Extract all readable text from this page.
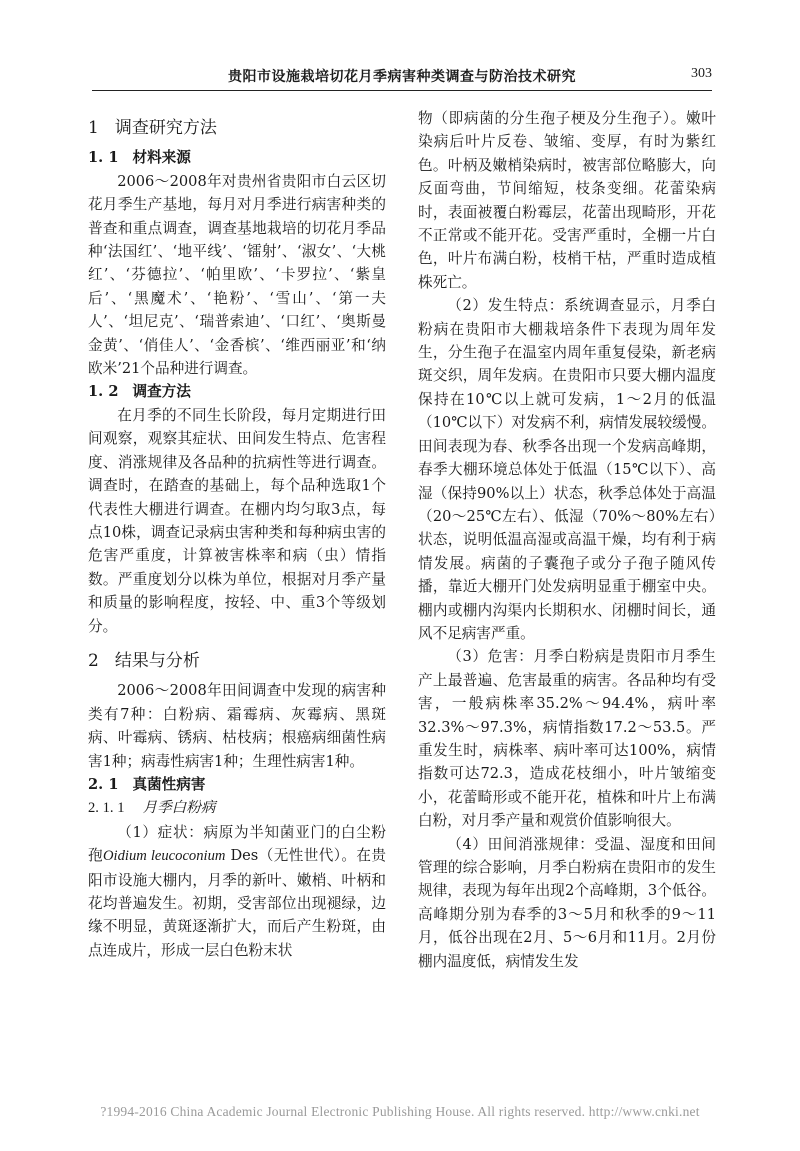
贵阳市设施栽培切花月季病害种类调查与防治技术研究	303

1 调查研究方法

1. 1 材料来源

2006～2008年对贵州省贵阳市白云区切花月季生产基地，每月对月季进行病害种类的普查和重点调查，调查基地栽培的切花月季品种‘法国红’、‘地平线’、‘镭射’、‘淑女’、‘大桃红’、‘芬德拉’、‘帕里欧’、‘卡罗拉’、‘紫皇后’、‘黑魔术’、‘艳粉’、‘雪山’、‘第一夫人’、‘坦尼克’、‘瑞普索迪’、‘口红’、‘奥斯曼金黄’、‘俏佳人’、‘金香槟’、‘维西丽亚’和‘纳欧米’21个品种进行调查。

1. 2 调查方法

在月季的不同生长阶段，每月定期进行田间观察，观察其症状、田间发生特点、危害程度、消涨规律及各品种的抗病性等进行调查。调查时，在踏查的基础上，每个品种选取1个代表性大棚进行调查。在棚内均匀取3点，每点10株，调查记录病虫害种类和每种病虫害的危害严重度，计算被害株率和病（虫）情指数。严重度划分以株为单位，根据对月季产量和质量的影响程度，按轻、中、重3个等级划分。

2 结果与分析

2006～2008年田间调查中发现的病害种类有7种：白粉病、霜霉病、灰霉病、黑斑病、叶霉病、锈病、枯枝病；根癌病细菌性病害1种；病毒性病害1种；生理性病害1种。

2. 1 真菌性病害

2. 1. 1 月季白粉病

（1）症状：病原为半知菌亚门的白尘粉孢Oidium leucoconium Des（无性世代）。在贵阳市设施大棚内，月季的新叶、嫩梢、叶柄和花均普遍发生。初期，受害部位出现褪绿，边缘不明显，黄斑逐渐扩大，而后产生粉斑，由点连成片，形成一层白色粉末状

物（即病菌的分生孢子梗及分生孢子）。嫩叶染病后叶片反卷、皱缩、变厚，有时为紫红色。叶柄及嫩梢染病时，被害部位略膨大，向反面弯曲，节间缩短，枝条变细。花蕾染病时，表面被覆白粉霉层，花蕾出现畸形，开花不正常或不能开花。受害严重时，全棚一片白色，叶片布满白粉，枝梢干枯，严重时造成植株死亡。

（2）发生特点：系统调查显示，月季白粉病在贵阳市大棚栽培条件下表现为周年发生，分生孢子在温室内周年重复侵染，新老病斑交织，周年发病。在贵阳市只要大棚内温度保持在10℃以上就可发病，1～2月的低温（10℃以下）对发病不利，病情发展较缓慢。田间表现为春、秋季各出现一个发病高峰期，春季大棚环境总体处于低温（15℃以下）、高湿（保持90%以上）状态，秋季总体处于高温（20～25℃左右）、低湿（70%～80%左右）状态，说明低温高湿或高温干燥，均有利于病情发展。病菌的子囊孢子或分子孢子随风传播，靠近大棚开门处发病明显重于棚室中央。棚内或棚内沟渠内长期积水、闭棚时间长，通风不足病害严重。

（3）危害：月季白粉病是贵阳市月季生产上最普遍、危害最重的病害。各品种均有受害，一般病株率35.2%～94.4%，病叶率32.3%～97.3%，病情指数17.2～53.5。严重发生时，病株率、病叶率可达100%，病情指数可达72.3，造成花枝细小，叶片皱缩变小，花蕾畸形或不能开花，植株和叶片上布满白粉，对月季产量和观赏价值影响很大。

（4）田间消涨规律：受温、湿度和田间管理的综合影响，月季白粉病在贵阳市的发生规律，表现为每年出现2个高峰期，3个低谷。高峰期分别为春季的3～5月和秋季的9～11月，低谷出现在2月、5～6月和11月。2月份棚内温度低，病情发生发

?1994-2016 China Academic Journal Electronic Publishing House. All rights reserved. http://www.cnki.net
